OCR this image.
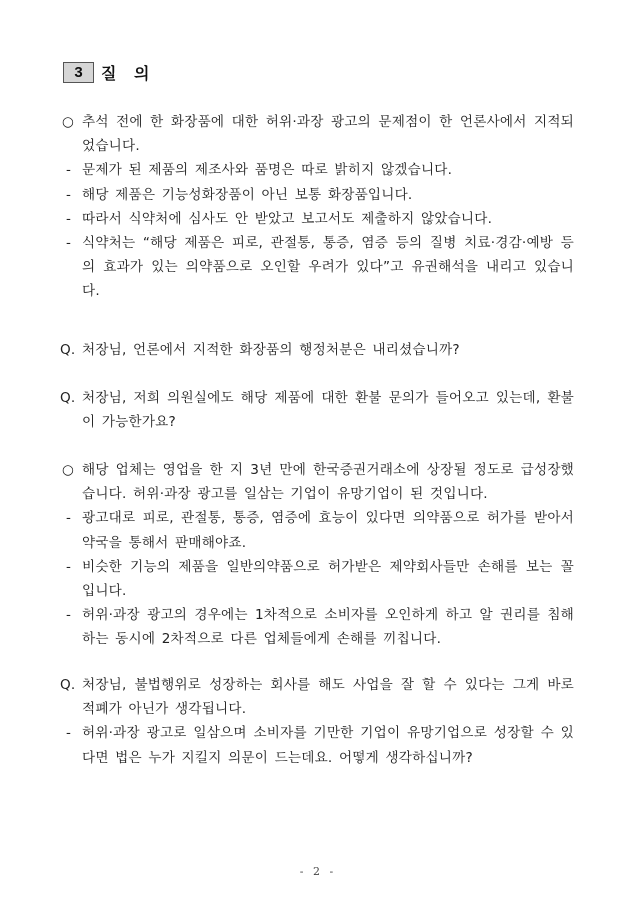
3	질 의
○ 추석 전에 한 화장품에 대한 허위·과장 광고의 문제점이 한 언론사에서 지적되었습니다.
- 문제가 된 제품의 제조사와 품명은 따로 밝히지 않겠습니다.
- 해당 제품은 기능성화장품이 아닌 보통 화장품입니다.
- 따라서 식약처에 심사도 안 받았고 보고서도 제출하지 않았습니다.
- 식약처는 “해당 제품은 피로, 관절통, 통증, 염증 등의 질병 치료·경감·예방 등의 효과가 있는 의약품으로 오인할 우려가 있다”고 유권해석을 내리고 있습니다.
Q. 처장님, 언론에서 지적한 화장품의 행정처분은 내리셨습니까?
Q. 처장님, 저희 의원실에도 해당 제품에 대한 환불 문의가 들어오고 있는데, 환불이 가능한가요?
○ 해당 업체는 영업을 한 지 3년 만에 한국증권거래소에 상장될 정도로 급성장했습니다. 허위·과장 광고를 일삼는 기업이 유망기업이 된 것입니다.
- 광고대로 피로, 관절통, 통증, 염증에 효능이 있다면 의약품으로 허가를 받아서 약국을 통해서 판매해야죠.
- 비슷한 기능의 제품을 일반의약품으로 허가받은 제약회사들만 손해를 보는 꼴입니다.
- 허위·과장 광고의 경우에는 1차적으로 소비자를 오인하게 하고 알 권리를 침해하는 동시에 2차적으로 다른 업체들에게 손해를 끼칩니다.
Q. 처장님, 불법행위로 성장하는 회사를 해도 사업을 잘 할 수 있다는 그게 바로 적폐가 아닌가 생각됩니다.
- 허위·과장 광고로 일삼으며 소비자를 기만한 기업이 유망기업으로 성장할 수 있다면 법은 누가 지킬지 의문이 드는데요. 어떻게 생각하십니까?
- 2 -
